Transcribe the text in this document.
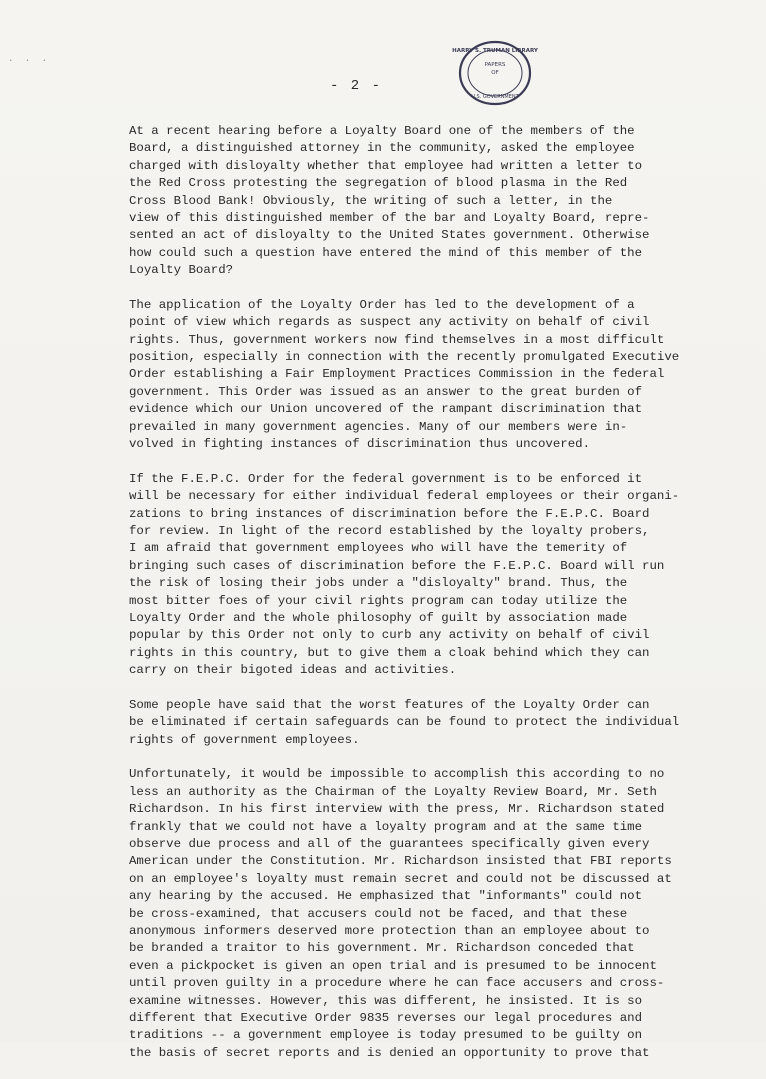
· · ·
HARRY S. TRUMAN LIBRARY
PAPERS
OF
U.S. GOVERNMENT
- 2 -
At a recent hearing before a Loyalty Board one of the members of the
Board, a distinguished attorney in the community, asked the employee
charged with disloyalty whether that employee had written a letter to
the Red Cross protesting the segregation of blood plasma in the Red
Cross Blood Bank! Obviously, the writing of such a letter, in the
view of this distinguished member of the bar and Loyalty Board, repre-
sented an act of disloyalty to the United States government. Otherwise
how could such a question have entered the mind of this member of the
Loyalty Board?
The application of the Loyalty Order has led to the development of a
point of view which regards as suspect any activity on behalf of civil
rights. Thus, government workers now find themselves in a most difficult
position, especially in connection with the recently promulgated Executive
Order establishing a Fair Employment Practices Commission in the federal
government. This Order was issued as an answer to the great burden of
evidence which our Union uncovered of the rampant discrimination that
prevailed in many government agencies. Many of our members were in-
volved in fighting instances of discrimination thus uncovered.
If the F.E.P.C. Order for the federal government is to be enforced it
will be necessary for either individual federal employees or their organi-
zations to bring instances of discrimination before the F.E.P.C. Board
for review. In light of the record established by the loyalty probers,
I am afraid that government employees who will have the temerity of
bringing such cases of discrimination before the F.E.P.C. Board will run
the risk of losing their jobs under a "disloyalty" brand. Thus, the
most bitter foes of your civil rights program can today utilize the
Loyalty Order and the whole philosophy of guilt by association made
popular by this Order not only to curb any activity on behalf of civil
rights in this country, but to give them a cloak behind which they can
carry on their bigoted ideas and activities.
Some people have said that the worst features of the Loyalty Order can
be eliminated if certain safeguards can be found to protect the individual
rights of government employees.
Unfortunately, it would be impossible to accomplish this according to no
less an authority as the Chairman of the Loyalty Review Board, Mr. Seth
Richardson. In his first interview with the press, Mr. Richardson stated
frankly that we could not have a loyalty program and at the same time
observe due process and all of the guarantees specifically given every
American under the Constitution. Mr. Richardson insisted that FBI reports
on an employee's loyalty must remain secret and could not be discussed at
any hearing by the accused. He emphasized that "informants" could not
be cross-examined, that accusers could not be faced, and that these
anonymous informers deserved more protection than an employee about to
be branded a traitor to his government. Mr. Richardson conceded that
even a pickpocket is given an open trial and is presumed to be innocent
until proven guilty in a procedure where he can face accusers and cross-
examine witnesses. However, this was different, he insisted. It is so
different that Executive Order 9835 reverses our legal procedures and
traditions -- a government employee is today presumed to be guilty on
the basis of secret reports and is denied an opportunity to prove that
